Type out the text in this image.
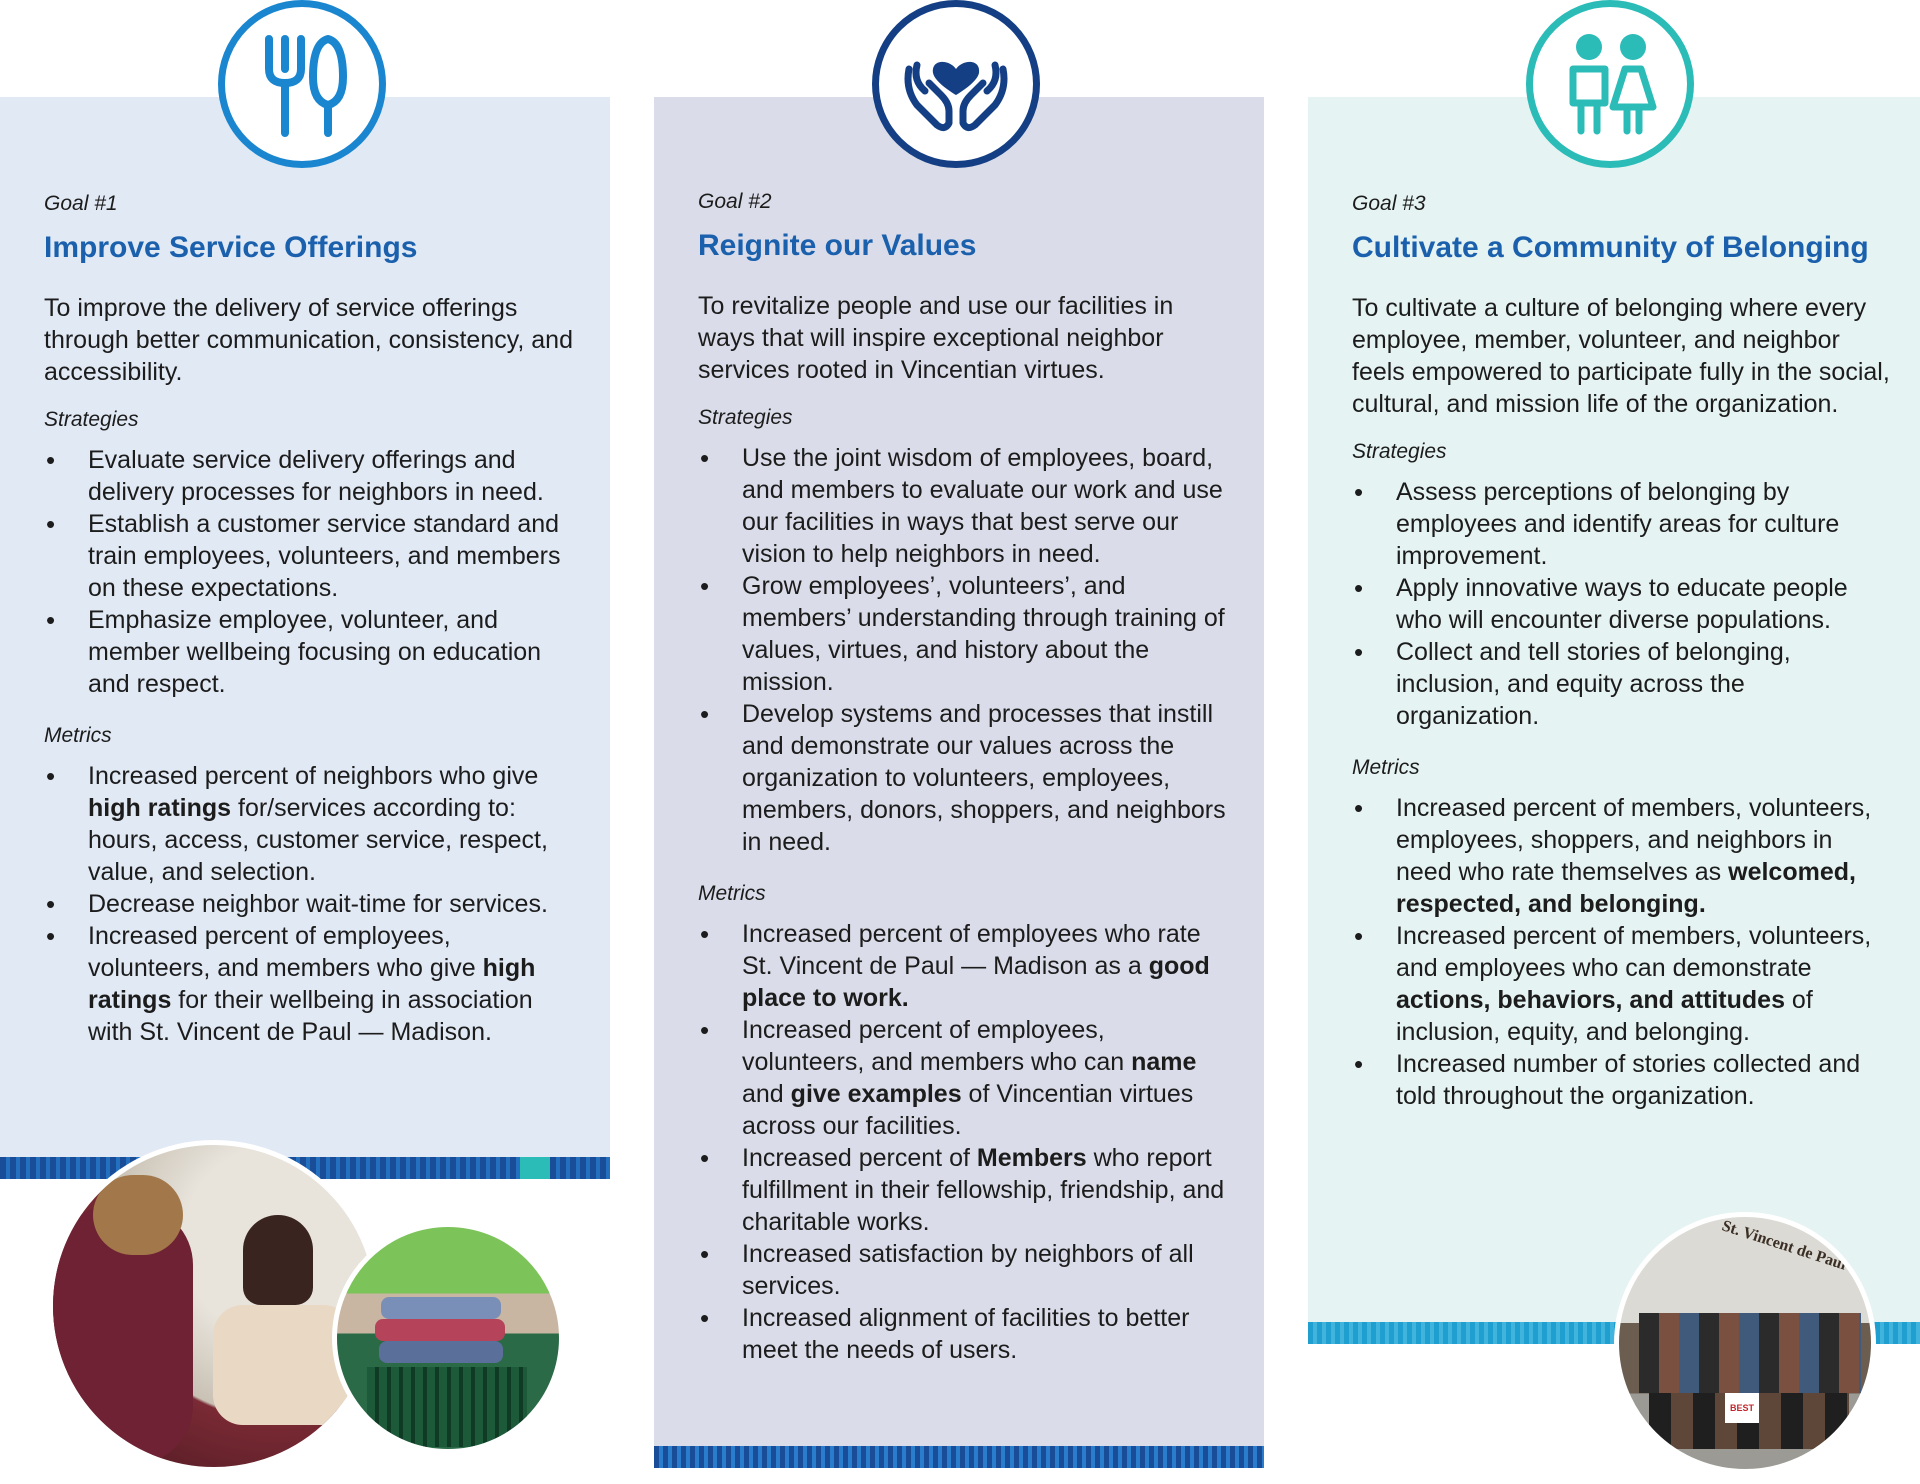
Goal #1
Improve Service Offerings
To improve the delivery of service offerings through better communication, consistency, and accessibility.
Strategies
• Evaluate service delivery offerings and delivery processes for neighbors in need.
• Establish a customer service standard and train employees, volunteers, and members on these expectations.
• Emphasize employee, volunteer, and member wellbeing focusing on education and respect.
Metrics
• Increased percent of neighbors who give high ratings for/services according to: hours, access, customer service, respect, value, and selection.
• Decrease neighbor wait-time for services.
• Increased percent of employees, volunteers, and members who give high ratings for their wellbeing in association with St. Vincent de Paul — Madison.
Goal #2
Reignite our Values
To revitalize people and use our facilities in ways that will inspire exceptional neighbor services rooted in Vincentian virtues.
Strategies
• Use the joint wisdom of employees, board, and members to evaluate our work and use our facilities in ways that best serve our vision to help neighbors in need.
• Grow employees’, volunteers’, and members’ understanding through training of values, virtues, and history about the mission.
• Develop systems and processes that instill and demonstrate our values across the organization to volunteers, employees, members, donors, shoppers, and neighbors in need.
Metrics
• Increased percent of employees who rate St. Vincent de Paul — Madison as a good place to work.
• Increased percent of employees, volunteers, and members who can name and give examples of Vincentian virtues across our facilities.
• Increased percent of Members who report fulfillment in their fellowship, friendship, and charitable works.
• Increased satisfaction by neighbors of all services.
• Increased alignment of facilities to better meet the needs of users.
Goal #3
Cultivate a Community of Belonging
To cultivate a culture of belonging where every employee, member, volunteer, and neighbor feels empowered to participate fully in the social, cultural, and mission life of the organization.
Strategies
• Assess perceptions of belonging by employees and identify areas for culture improvement.
• Apply innovative ways to educate people who will encounter diverse populations.
• Collect and tell stories of belonging, inclusion, and equity across the organization.
Metrics
• Increased percent of members, volunteers, employees, shoppers, and neighbors in need who rate themselves as welcomed, respected, and belonging.
• Increased percent of members, volunteers, and employees who can demonstrate actions, behaviors, and attitudes of inclusion, equity, and belonging.
• Increased number of stories collected and told throughout the organization.
St. Vincent de Paul
BEST
